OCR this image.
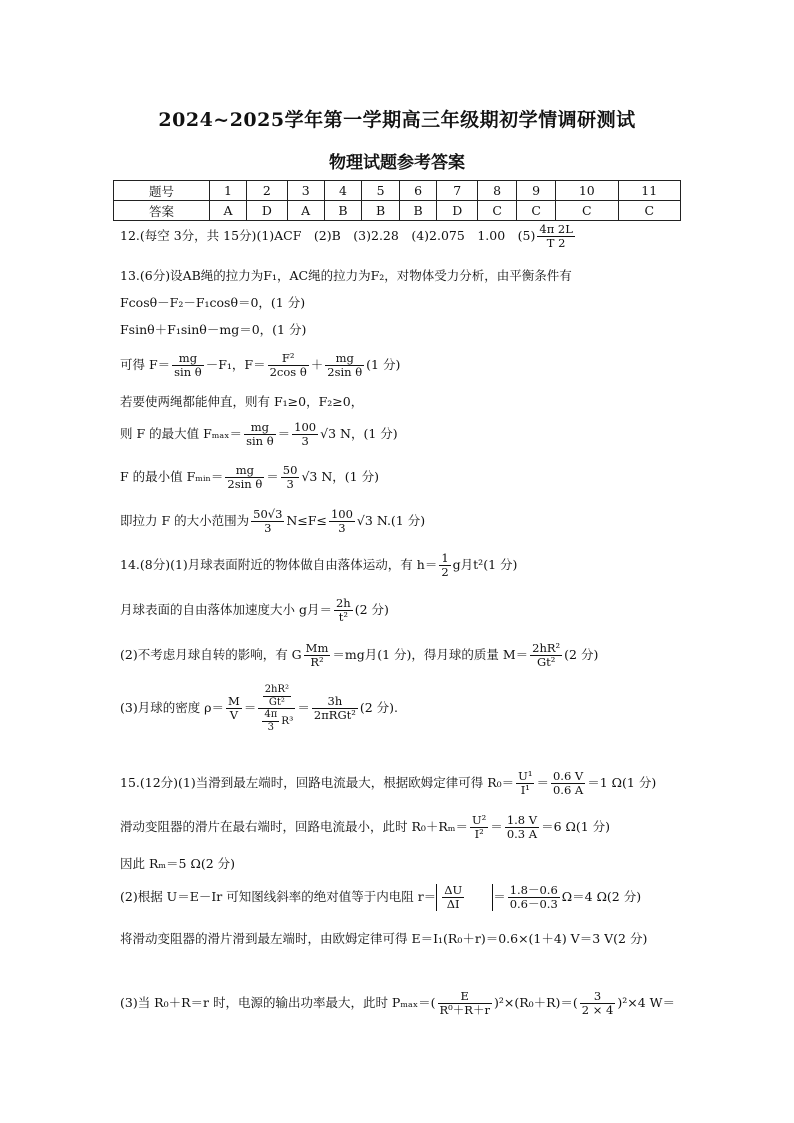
2024~2025学年第一学期高三年级期初学情调研测试
物理试题参考答案
题号	1	2	3	4	5	6	7	8	9	10	11
答案	A	D	A	B	B	B	D	C	C	C	C
12.(每空 3分，共 15分)(1)ACF　(2)B　(3)2.28　(4)2.075　1.00　$(5) \frac{4\pi 2L}{T 2}$
13.(6分)设AB绳的拉力为F₁，AC绳的拉力为F₂，对物体受力分析，由平衡条件有
Fcosθ－F₂－F₁cosθ＝0，(1 分)
Fsinθ＋F₁sinθ－mg＝0，(1 分)
可得 $F= \frac{mg}{\text{sin θ}} -F_1$，$F= \frac{\text{F²}}{\text{2cos θ}} + \frac{mg}{\text{2sin θ}} (1$ 分)
若要使两绳都能伸直，则有 F₁≥0，F₂≥0，
则 F 的最大值 $F_{max}= \frac{mg}{\text{sin θ}} = \frac{100}{3} √3$ N，(1 分)
F 的最小值 Fₘᵢₙ＝ $\frac{mg}{\text{2sin θ}} = \frac{50}{3} √3$ N，(1 分)
即拉力 F 的大小范围为 $\frac{50√3}{3} N\le F\le \frac{100}{3} √3$ N.(1 分)
14.(8分)(1)月球表面附近的物体做自由落体运动，有 $h= \frac{1}{2}$ g月t²(1 分)
月球表面的自由落体加速度大小 g月＝ $\frac{2h}{\text{t²}} (2$ 分)
(2)不考虑月球自转的影响，有 G $\frac{Mm}{\text{R²}} =mg$月(1 分)，得月球的质量 $M= \frac{\text{2hR²}}{\text{Gt²}} (2$ 分)
(3)月球的密度 $\rho= \frac{M}{V} = \frac{\frac{\text{2hR²}}{\text{Gt²}}}{\frac{4\pi}{3} R^3} = \frac{3h}{\text{2πRGt²}} (2$ 分).
15.(12分)(1)当滑到最左端时，回路电流最大，根据欧姆定律可得 $R_0= \frac{\text{U¹}}{\text{I¹}} = \frac{0.6 V}{0.6 A} =1$ Ω(1 分)
滑动变阻器的滑片在最右端时，回路电流最小，此时 $R_0+R_m= \frac{\text{U²}}{\text{I²}} = \frac{1.8 V}{0.3 A} =6$ Ω(1 分)
因此 Rₘ＝5 Ω(2 分)
(2)根据 U＝E－Ir 可知图线斜率的绝对值等于内电阻 $r= \frac{\Delta U}{\Delta I} = \frac{1.8-0.6}{0.6-0.3} \Omega=4$ Ω(2 分)
将滑动变阻器的滑片滑到最左端时，由欧姆定律可得 E＝I₁(R₀＋r)＝0.6×(1＋4) V＝3 V(2 分)
(3)当 R₀＋R＝r 时，电源的输出功率最大，此时 $P_{max}=( \frac{E}{\text{R⁰＋R＋r}} )^2\times(R_0+R)=( \frac{3}{2 \times 4} )^2\times 4$ W＝
